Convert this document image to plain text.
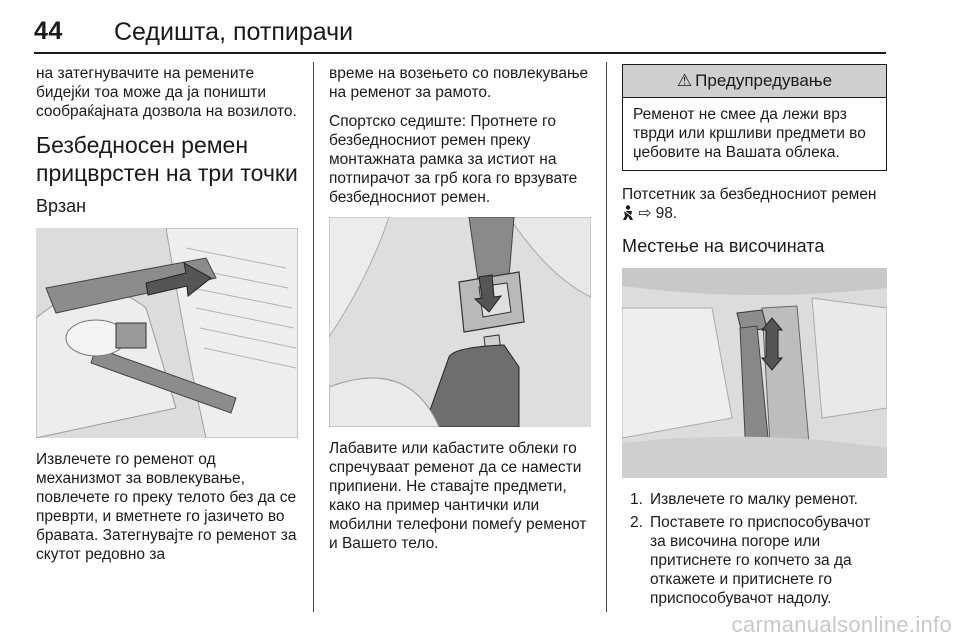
44 Седишта, потпирачи

на затегнувачите на ремените бидејќи тоа може да ја поништи сообраќајната дозвола на возилото.

Безбедносен ремен прицврстен на три точки
Врзан

Извлечете го ременот од механизмот за вовлекување, повлечете го преку телото без да се преврти, и вметнете го јазичето во бравата. Затегнувајте го ременот за скутот редовно за

време на возењето со повлекување на ременот за рамото.

Спортско седиште: Протнете го безбедносниот ремен преку монтажната рамка за истиот на потпирачот за грб кога го врзувате безбедносниот ремен.

Лабавите или кабастите облеки го спречуваат ременот да се намести припиени. Не ставајте предмети, како на пример чантички или мобилни телефони помеѓу ременот и Вашето тело.

⚠ Предупредување
Ременот не смее да лежи врз тврди или кршливи предмети во џебовите на Вашата облека.

Потсетник за безбедносниот ремен
⇨ 98.

Местење на височината
1. Извлечете го малку ременот.
2. Поставете го приспособувачот за височина погоре или притиснете го копчето за да откажете и притиснете го приспособувачот надолу.
carmanualsonline.info
